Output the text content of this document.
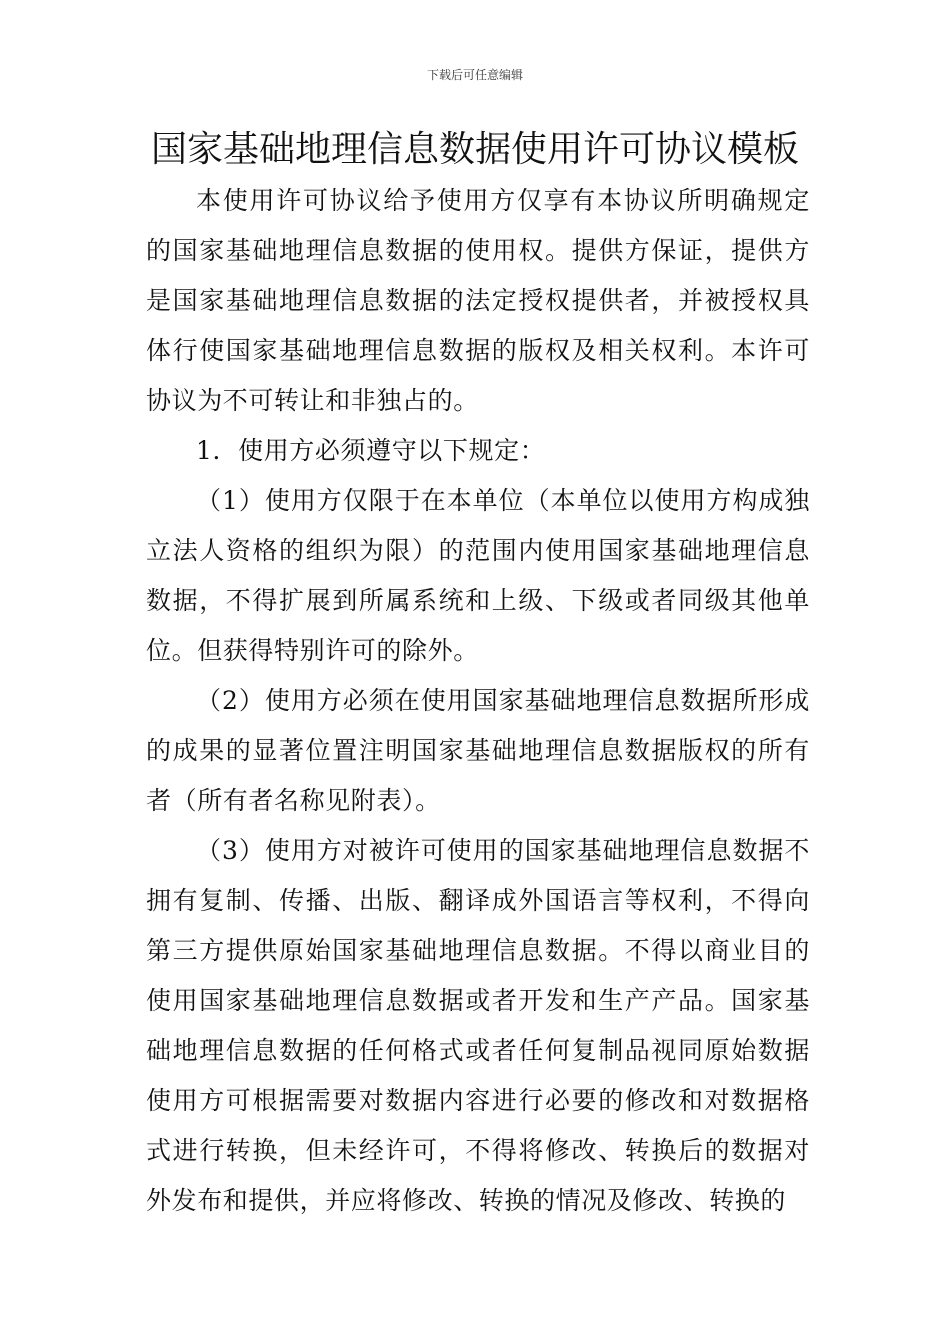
下载后可任意编辑
国家基础地理信息数据使用许可协议模板

本使用许可协议给予使用方仅享有本协议所明确规定的国家基础地理信息数据的使用权。提供方保证，提供方是国家基础地理信息数据的法定授权提供者，并被授权具体行使国家基础地理信息数据的版权及相关权利。本许可协议为不可转让和非独占的。

1．使用方必须遵守以下规定：

（1）使用方仅限于在本单位（本单位以使用方构成独立法人资格的组织为限）的范围内使用国家基础地理信息数据，不得扩展到所属系统和上级、下级或者同级其他单位。但获得特别许可的除外。

（2）使用方必须在使用国家基础地理信息数据所形成的成果的显著位置注明国家基础地理信息数据版权的所有者（所有者名称见附表）。

（3）使用方对被许可使用的国家基础地理信息数据不拥有复制、传播、出版、翻译成外国语言等权利，不得向第三方提供原始国家基础地理信息数据。不得以商业目的使用国家基础地理信息数据或者开发和生产产品。国家基础地理信息数据的任何格式或者任何复制品视同原始数据使用方可根据需要对数据内容进行必要的修改和对数据格式进行转换，但未经许可，不得将修改、转换后的数据对外发布和提供，并应将修改、转换的情况及修改、转换的
